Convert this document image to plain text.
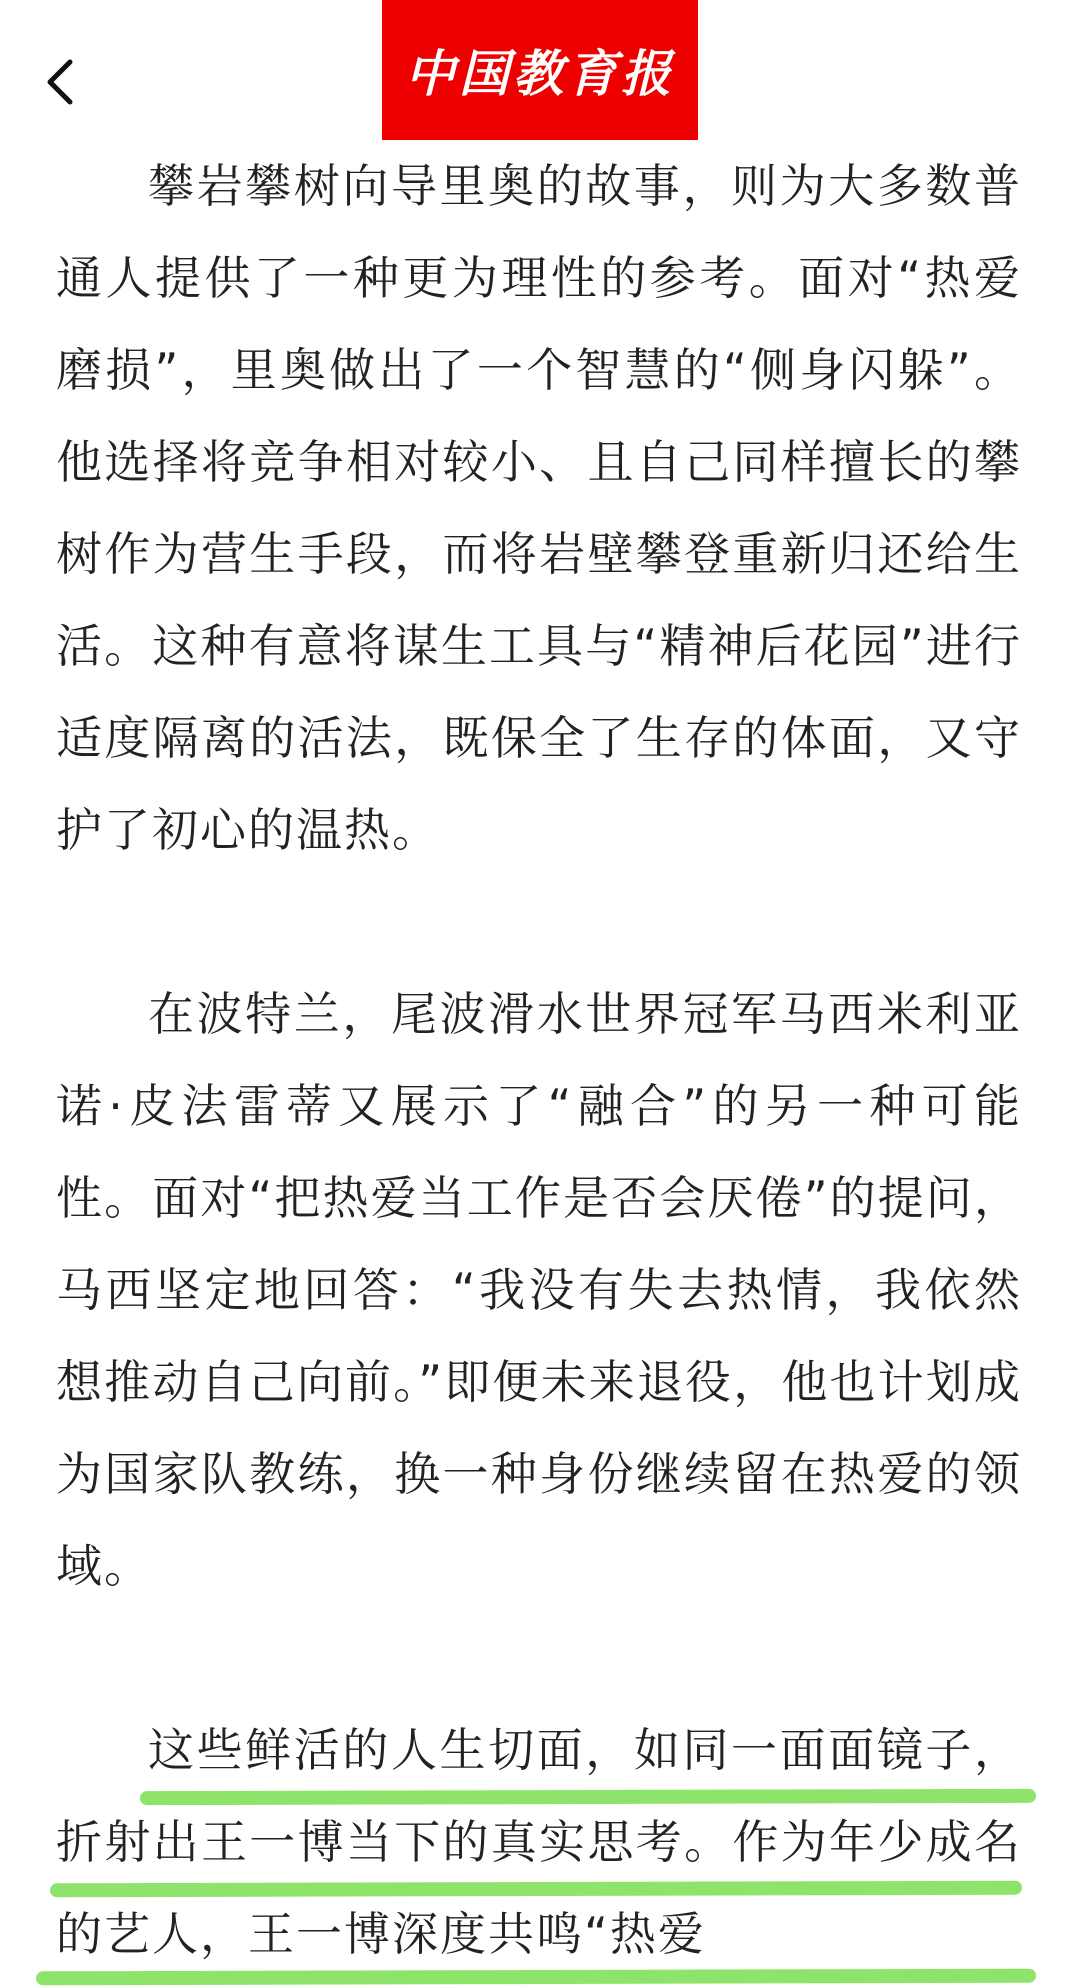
中国教育报

攀岩攀树向导里奥的故事，则为大多数普通人提供了一种更为理性的参考。面对“热爱磨损”，里奥做出了一个智慧的“侧身闪躲”。他选择将竞争相对较小、且自己同样擅长的攀树作为营生手段，而将岩壁攀登重新归还给生活。这种有意将谋生工具与“精神后花园”进行适度隔离的活法，既保全了生存的体面，又守护了初心的温热。

在波特兰，尾波滑水世界冠军马西米利亚诺·皮法雷蒂又展示了“融合”的另一种可能性。面对“把热爱当工作是否会厌倦”的提问，马西坚定地回答：“我没有失去热情，我依然想推动自己向前。”即便未来退役，他也计划成为国家队教练，换一种身份继续留在热爱的领域。

这些鲜活的人生切面，如同一面面镜子，折射出王一博当下的真实思考。作为年少成名的艺人，王一博深度共鸣“热爱
